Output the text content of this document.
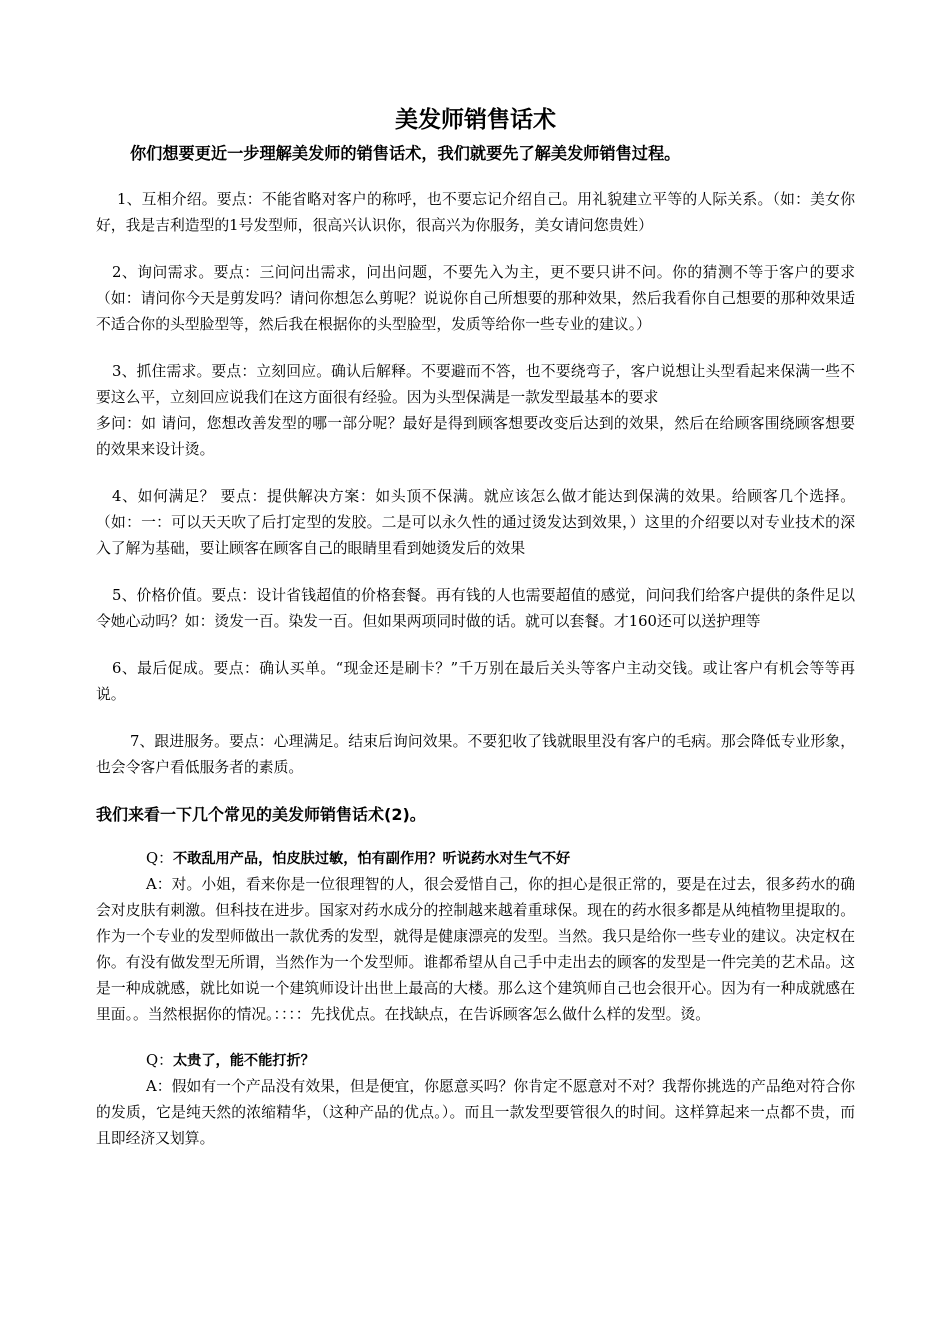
美发师销售话术
你们想要更近一步理解美发师的销售话术，我们就要先了解美发师销售过程。

1、互相介绍。要点：不能省略对客户的称呼，也不要忘记介绍自己。用礼貌建立平等的人际关系。（如：美女你好，我是吉利造型的1号发型师，很高兴认识你，很高兴为你服务，美女请问您贵姓）

2、询问需求。要点：三问问出需求，问出问题，不要先入为主，更不要只讲不问。你的猜测不等于客户的要求（如：请问你今天是剪发吗？请问你想怎么剪呢？说说你自己所想要的那种效果，然后我看你自己想要的那种效果适不适合你的头型脸型等，然后我在根据你的头型脸型，发质等给你一些专业的建议。）

3、抓住需求。要点：立刻回应。确认后解释。不要避而不答，也不要绕弯子，客户说想让头型看起来保满一些不要这么平，立刻回应说我们在这方面很有经验。因为头型保满是一款发型最基本的要求
多问：如 请问，您想改善发型的哪一部分呢？最好是得到顾客想要改变后达到的效果，然后在给顾客围绕顾客想要的效果来设计烫。

4、如何满足？ 要点：提供解决方案：如头顶不保满。就应该怎么做才能达到保满的效果。给顾客几个选择。（如：一：可以天天吹了后打定型的发胶。二是可以永久性的通过烫发达到效果，）这里的介绍要以对专业技术的深入了解为基础，要让顾客在顾客自己的眼睛里看到她烫发后的效果

5、价格价值。要点：设计省钱超值的价格套餐。再有钱的人也需要超值的感觉，问问我们给客户提供的条件足以令她心动吗？如：烫发一百。染发一百。但如果两项同时做的话。就可以套餐。才160还可以送护理等

6、最后促成。要点：确认买单。“现金还是刷卡？”千万别在最后关头等客户主动交钱。或让客户有机会等等再说。

7、跟进服务。要点：心理满足。结束后询问效果。不要犯收了钱就眼里没有客户的毛病。那会降低专业形象，也会令客户看低服务者的素质。

我们来看一下几个常见的美发师销售话术(2)。

Q：不敢乱用产品，怕皮肤过敏，怕有副作用？听说药水对生气不好

A：对。小姐，看来你是一位很理智的人，很会爱惜自己，你的担心是很正常的，要是在过去，很多药水的确会对皮肤有刺激。但科技在进步。国家对药水成分的控制越来越着重球保。现在的药水很多都是从纯植物里提取的。作为一个专业的发型师做出一款优秀的发型，就得是健康漂亮的发型。当然。我只是给你一些专业的建议。决定权在你。有没有做发型无所谓，当然作为一个发型师。谁都希望从自己手中走出去的顾客的发型是一件完美的艺术品。这是一种成就感，就比如说一个建筑师设计出世上最高的大楼。那么这个建筑师自己也会很开心。因为有一种成就感在里面。。当然根据你的情况。：：：：先找优点。在找缺点，在告诉顾客怎么做什么样的发型。烫。

Q：太贵了，能不能打折？

A：假如有一个产品没有效果，但是便宜，你愿意买吗？你肯定不愿意对不对？我帮你挑选的产品绝对符合你的发质，它是纯天然的浓缩精华，（这种产品的优点。）。而且一款发型要管很久的时间。这样算起来一点都不贵，而且即经济又划算。
